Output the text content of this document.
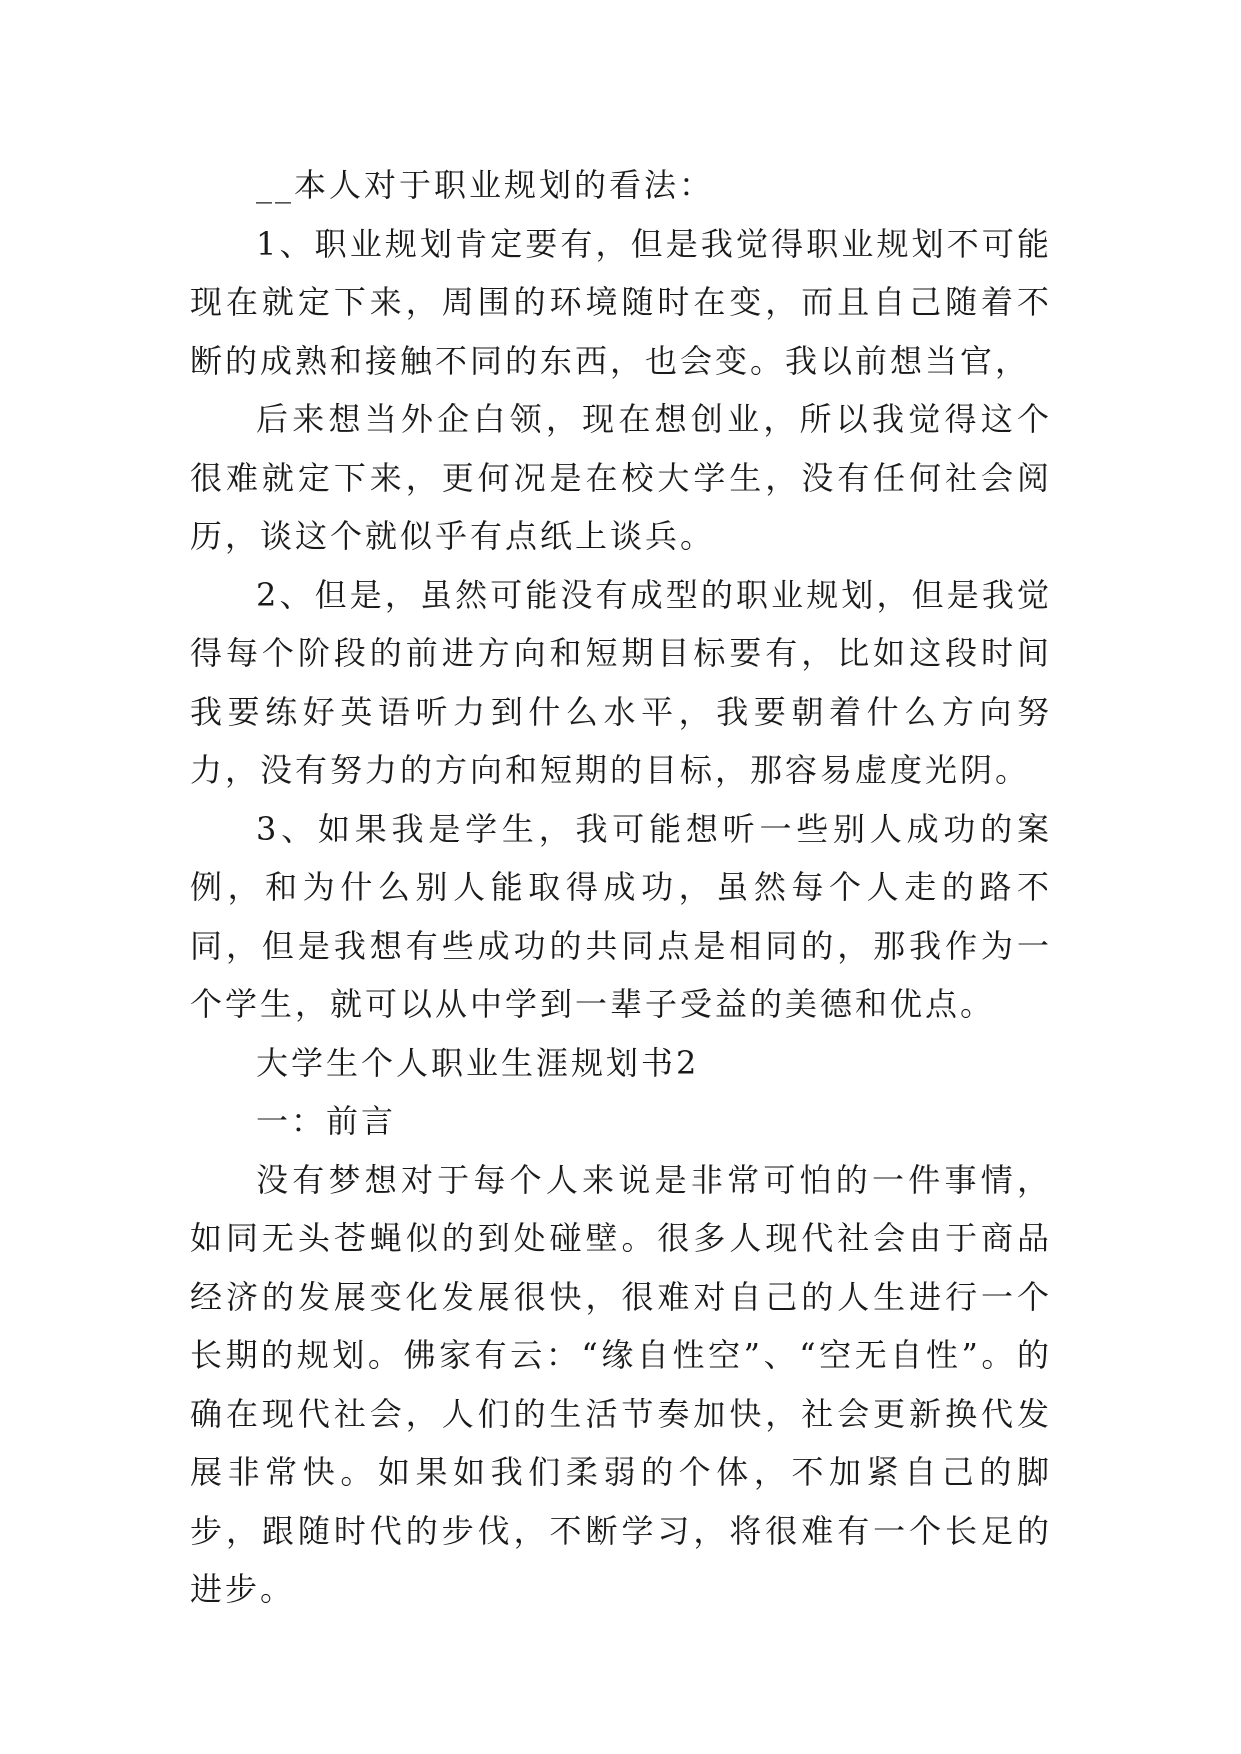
__本人对于职业规划的看法：

1、职业规划肯定要有，但是我觉得职业规划不可能现在就定下来，周围的环境随时在变，而且自己随着不断的成熟和接触不同的东西，也会变。我以前想当官，

后来想当外企白领，现在想创业，所以我觉得这个很难就定下来，更何况是在校大学生，没有任何社会阅历，谈这个就似乎有点纸上谈兵。

2、但是，虽然可能没有成型的职业规划，但是我觉得每个阶段的前进方向和短期目标要有，比如这段时间我要练好英语听力到什么水平，我要朝着什么方向努力，没有努力的方向和短期的目标，那容易虚度光阴。

3、如果我是学生，我可能想听一些别人成功的案例，和为什么别人能取得成功，虽然每个人走的路不同，但是我想有些成功的共同点是相同的，那我作为一个学生，就可以从中学到一辈子受益的美德和优点。

大学生个人职业生涯规划书2

一：前言

没有梦想对于每个人来说是非常可怕的一件事情，如同无头苍蝇似的到处碰壁。很多人现代社会由于商品经济的发展变化发展很快，很难对自己的人生进行一个长期的规划。佛家有云：“缘自性空”、“空无自性”。的确在现代社会，人们的生活节奏加快，社会更新换代发展非常快。如果如我们柔弱的个体，不加紧自己的脚步，跟随时代的步伐，不断学习，将很难有一个长足的进步。
